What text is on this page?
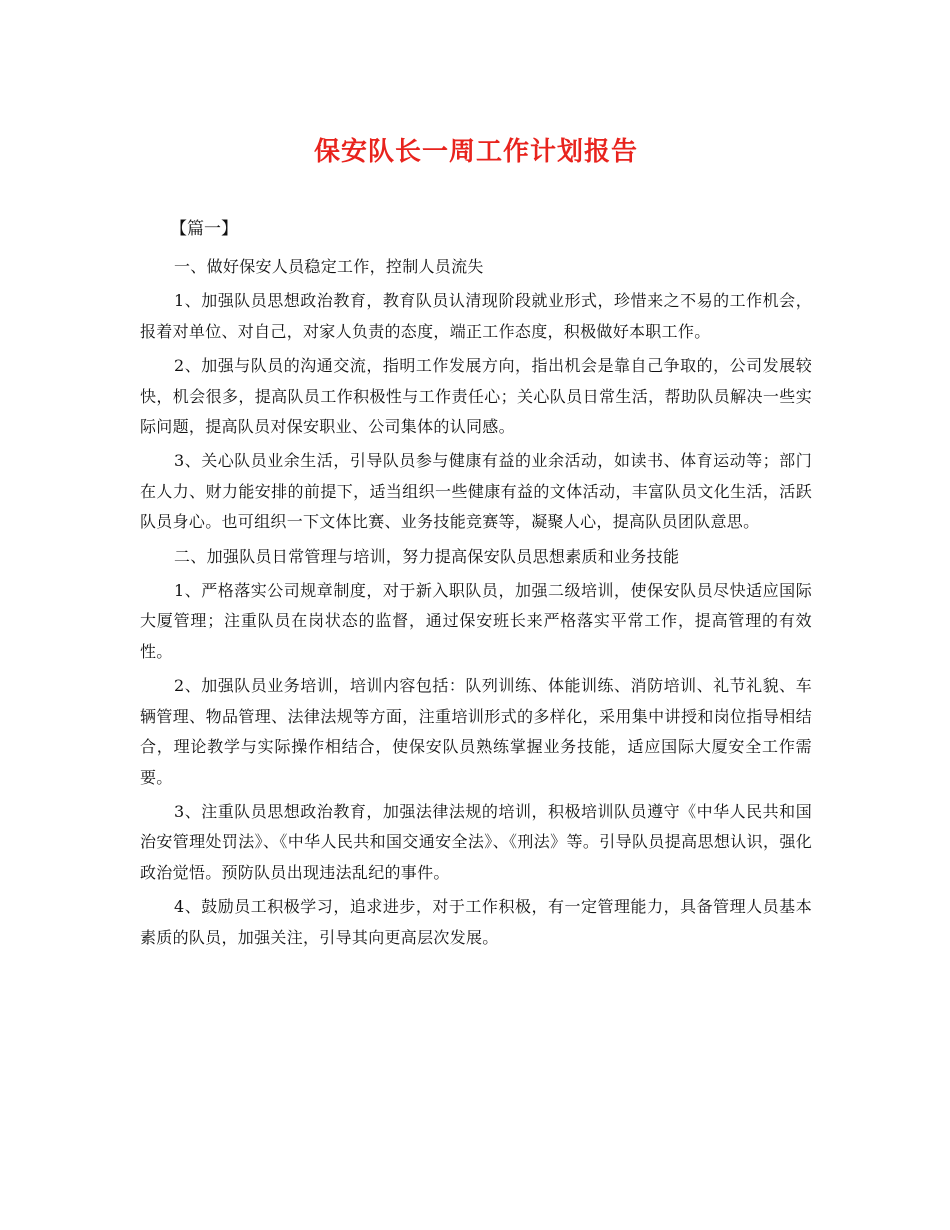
保安队长一周工作计划报告
【篇一】
一、做好保安人员稳定工作，控制人员流失

1、加强队员思想政治教育，教育队员认清现阶段就业形式，珍惜来之不易的工作机会，报着对单位、对自己，对家人负责的态度，端正工作态度，积极做好本职工作。

2、加强与队员的沟通交流，指明工作发展方向，指出机会是靠自己争取的，公司发展较快，机会很多，提高队员工作积极性与工作责任心；关心队员日常生活，帮助队员解决一些实际问题，提高队员对保安职业、公司集体的认同感。

3、关心队员业余生活，引导队员参与健康有益的业余活动，如读书、体育运动等；部门在人力、财力能安排的前提下，适当组织一些健康有益的文体活动，丰富队员文化生活，活跃队员身心。也可组织一下文体比赛、业务技能竞赛等，凝聚人心，提高队员团队意思。

二、加强队员日常管理与培训，努力提高保安队员思想素质和业务技能

1、严格落实公司规章制度，对于新入职队员，加强二级培训，使保安队员尽快适应国际大厦管理；注重队员在岗状态的监督，通过保安班长来严格落实平常工作，提高管理的有效性。

2、加强队员业务培训，培训内容包括：队列训练、体能训练、消防培训、礼节礼貌、车辆管理、物品管理、法律法规等方面，注重培训形式的多样化，采用集中讲授和岗位指导相结合，理论教学与实际操作相结合，使保安队员熟练掌握业务技能，适应国际大厦安全工作需要。

3、注重队员思想政治教育，加强法律法规的培训，积极培训队员遵守《中华人民共和国治安管理处罚法》、《中华人民共和国交通安全法》、《刑法》等。引导队员提高思想认识，强化政治觉悟。预防队员出现违法乱纪的事件。

4、鼓励员工积极学习，追求进步，对于工作积极，有一定管理能力，具备管理人员基本素质的队员，加强关注，引导其向更高层次发展。
